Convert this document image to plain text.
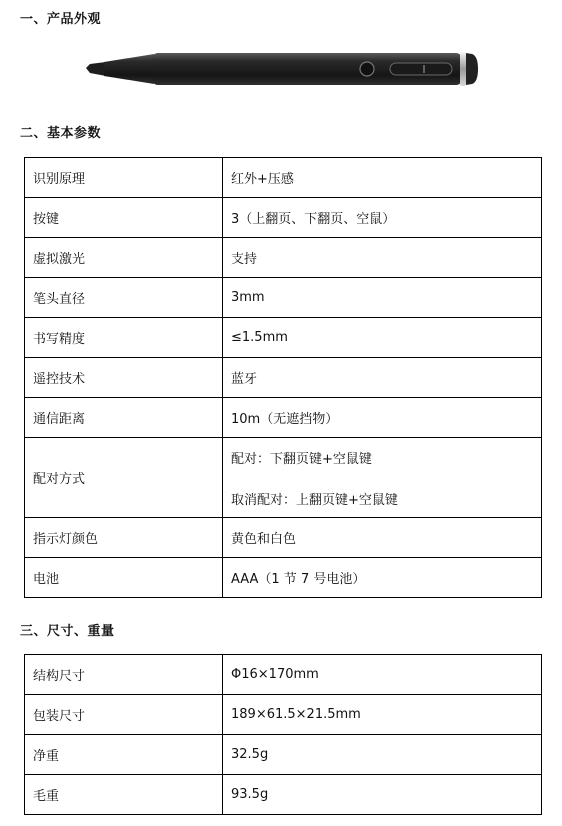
一、产品外观
二、基本参数
识别原理	红外+压感
按键	3（上翻页、下翻页、空鼠）
虚拟激光	支持
笔头直径	3mm
书写精度	≤1.5mm
遥控技术	蓝牙
通信距离	10m（无遮挡物）
配对方式	配对：下翻页键+空鼠键
取消配对：上翻页键+空鼠键

指示灯颜色	黄色和白色
电池	AAA（1 节 7 号电池）
三、尺寸、重量
结构尺寸	Φ16×170mm
包装尺寸	189×61.5×21.5mm
净重	32.5g
毛重	93.5g
